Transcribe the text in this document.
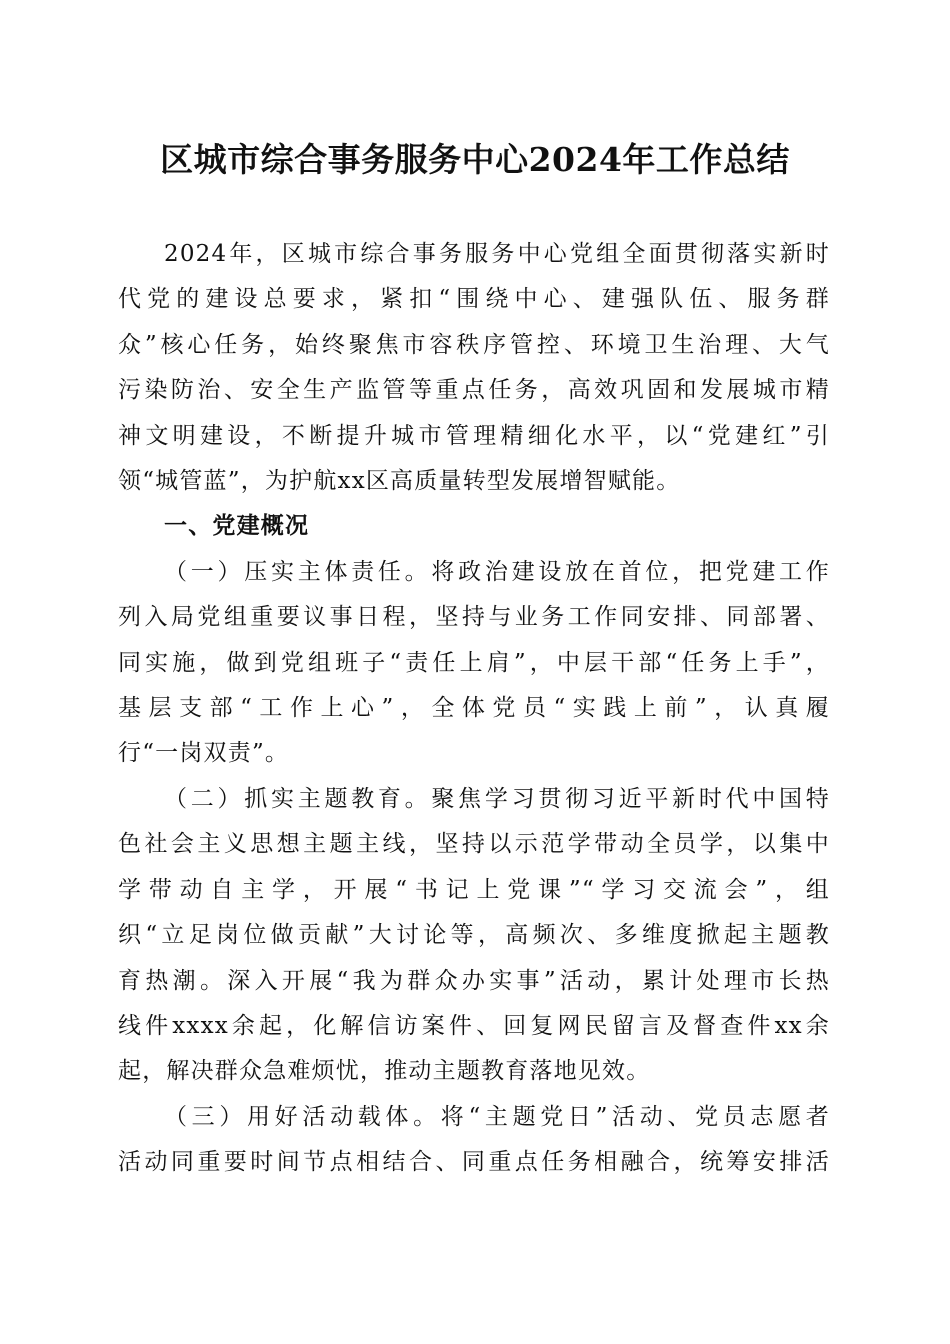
区城市综合事务服务中心2024年工作总结
2024年，区城市综合事务服务中心党组全面贯彻落实新时
代党的建设总要求，紧扣“围绕中心、建强队伍、服务群
众”核心任务，始终聚焦市容秩序管控、环境卫生治理、大气
污染防治、安全生产监管等重点任务，高效巩固和发展城市精
神文明建设，不断提升城市管理精细化水平，以“党建红”引
领“城管蓝”，为护航xx区高质量转型发展增智赋能。
一、党建概况
（一）压实主体责任。将政治建设放在首位，把党建工作
列入局党组重要议事日程，坚持与业务工作同安排、同部署、
同实施，做到党组班子“责任上肩”，中层干部“任务上手”，
基层支部“工作上心”，全体党员“实践上前”，认真履
行“一岗双责”。
（二）抓实主题教育。聚焦学习贯彻习近平新时代中国特
色社会主义思想主题主线，坚持以示范学带动全员学，以集中
学带动自主学，开展“书记上党课”“学习交流会”，组
织“立足岗位做贡献”大讨论等，高频次、多维度掀起主题教
育热潮。深入开展“我为群众办实事”活动，累计处理市长热
线件xxxx余起，化解信访案件、回复网民留言及督查件xx余
起，解决群众急难烦忧，推动主题教育落地见效。
（三）用好活动载体。将“主题党日”活动、党员志愿者
活动同重要时间节点相结合、同重点任务相融合，统筹安排活
